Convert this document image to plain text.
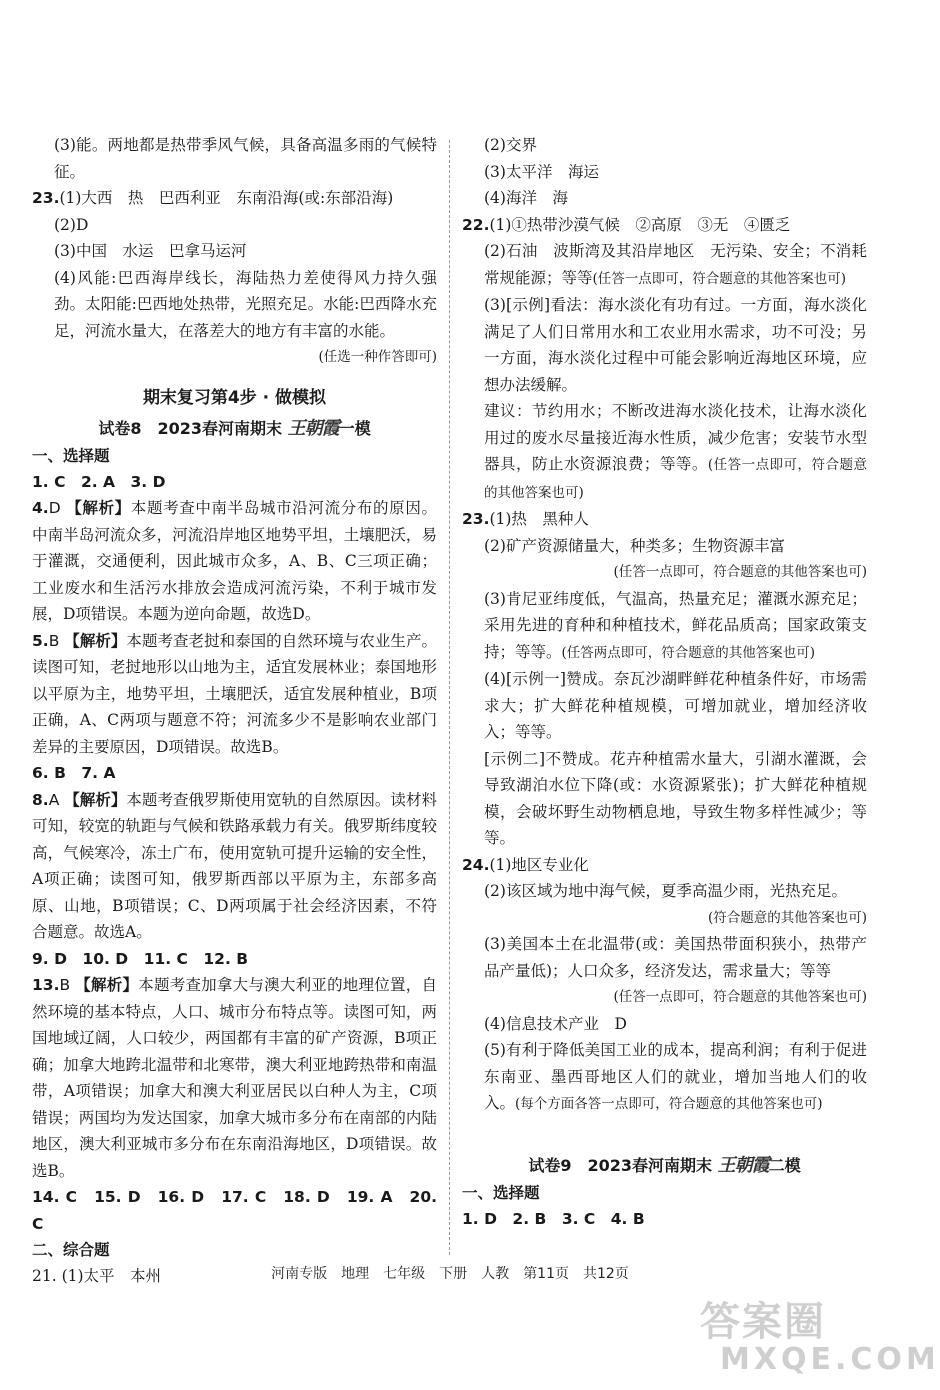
(3)能。两地都是热带季风气候，具备高温多雨的气候特征。
23.(1)大西　热　巴西利亚　东南沿海(或:东部沿海)
(2)D
(3)中国　水运　巴拿马运河
(4)风能:巴西海岸线长，海陆热力差使得风力持久强劲。太阳能:巴西地处热带，光照充足。水能:巴西降水充足，河流水量大，在落差大的地方有丰富的水能。
(任选一种作答即可)
期末复习第4步 · 做模拟
试卷8　2023春河南期末 王朝霞一模
一、选择题
1. C　2. A　3. D
4.D 【解析】本题考查中南半岛城市沿河流分布的原因。中南半岛河流众多，河流沿岸地区地势平坦，土壤肥沃，易于灌溉，交通便利，因此城市众多，A、B、C三项正确；工业废水和生活污水排放会造成河流污染，不利于城市发展，D项错误。本题为逆向命题，故选D。
5.B 【解析】本题考查老挝和泰国的自然环境与农业生产。读图可知，老挝地形以山地为主，适宜发展林业；泰国地形以平原为主，地势平坦，土壤肥沃，适宜发展种植业，B项正确，A、C两项与题意不符；河流多少不是影响农业部门差异的主要原因，D项错误。故选B。
6. B　7. A
8.A 【解析】本题考查俄罗斯使用宽轨的自然原因。读材料可知，较宽的轨距与气候和铁路承载力有关。俄罗斯纬度较高，气候寒冷，冻土广布，使用宽轨可提升运输的安全性，A项正确；读图可知，俄罗斯西部以平原为主，东部多高原、山地，B项错误；C、D两项属于社会经济因素，不符合题意。故选A。
9. D　10. D　11. C　12. B
13.B 【解析】本题考查加拿大与澳大利亚的地理位置，自然环境的基本特点，人口、城市分布特点等。读图可知，两国地域辽阔，人口较少，两国都有丰富的矿产资源，B项正确；加拿大地跨北温带和北寒带，澳大利亚地跨热带和南温带，A项错误；加拿大和澳大利亚居民以白种人为主，C项错误；两国均为发达国家，加拿大城市多分布在南部的内陆地区，澳大利亚城市多分布在东南沿海地区，D项错误。故选B。
14. C　15. D　16. D　17. C　18. D　19. A　20. C
二、综合题
21. (1)太平　本州
(2)交界
(3)太平洋　海运
(4)海洋　海
22.(1)①热带沙漠气候　②高原　③无　④匮乏
(2)石油　波斯湾及其沿岸地区　无污染、安全；不消耗常规能源；等等(任答一点即可，符合题意的其他答案也可)
(3)[示例]看法：海水淡化有功有过。一方面，海水淡化满足了人们日常用水和工农业用水需求，功不可没；另一方面，海水淡化过程中可能会影响近海地区环境，应想办法缓解。
建议：节约用水；不断改进海水淡化技术，让海水淡化用过的废水尽量接近海水性质，减少危害；安装节水型器具，防止水资源浪费；等等。(任答一点即可，符合题意的其他答案也可)
23.(1)热　黑种人
(2)矿产资源储量大，种类多；生物资源丰富
(任答一点即可，符合题意的其他答案也可)
(3)肯尼亚纬度低，气温高，热量充足；灌溉水源充足；采用先进的育种和种植技术，鲜花品质高；国家政策支持；等等。(任答两点即可，符合题意的其他答案也可)
(4)[示例一]赞成。奈瓦沙湖畔鲜花种植条件好，市场需求大；扩大鲜花种植规模，可增加就业，增加经济收入；等等。
[示例二]不赞成。花卉种植需水量大，引湖水灌溉，会导致湖泊水位下降(或：水资源紧张)；扩大鲜花种植规模，会破坏野生动物栖息地，导致生物多样性减少；等等。
24.(1)地区专业化
(2)该区域为地中海气候，夏季高温少雨，光热充足。
(符合题意的其他答案也可)
(3)美国本土在北温带(或：美国热带面积狭小，热带产品产量低)；人口众多，经济发达，需求量大；等等
(任答一点即可，符合题意的其他答案也可)
(4)信息技术产业　D
(5)有利于降低美国工业的成本，提高利润；有利于促进东南亚、墨西哥地区人们的就业，增加当地人们的收入。(每个方面各答一点即可，符合题意的其他答案也可)
试卷9　2023春河南期末 王朝霞二模
一、选择题
1. D　2. B　3. C　4. B
河南专版　地理　七年级　下册　人教　第11页　共12页
答案圈
MXQE.COM
